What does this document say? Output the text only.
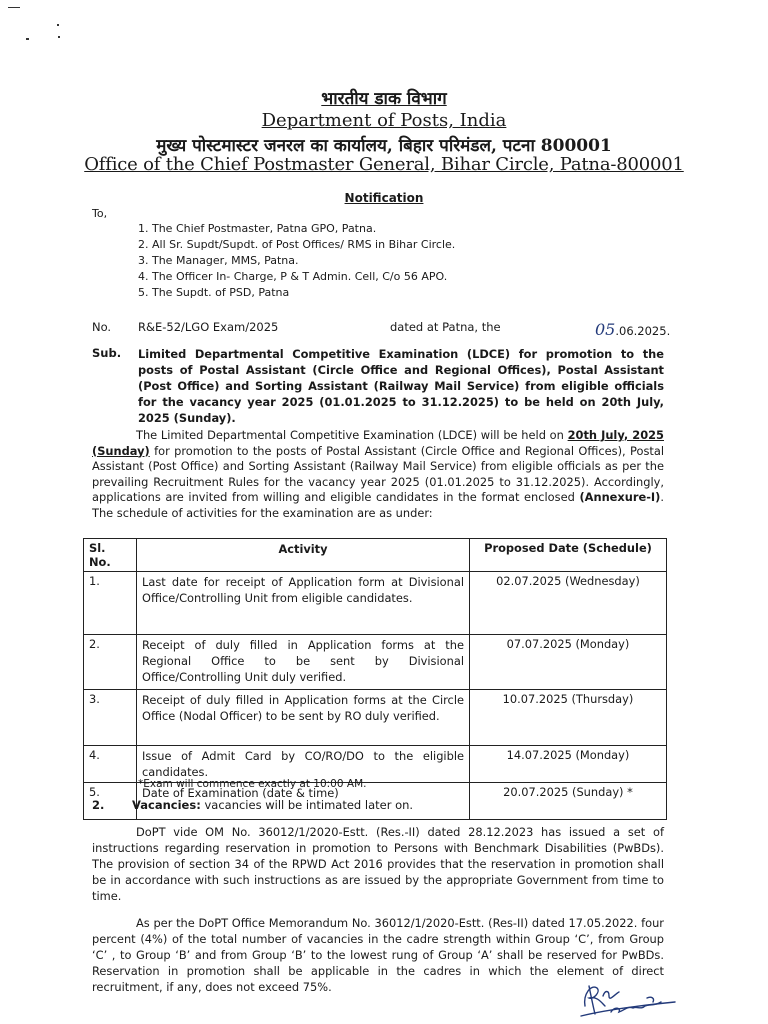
भारतीय डाक विभाग
Department of Posts, India
मुख्य पोस्टमास्टर जनरल का कार्यालय, बिहार परिमंडल, पटना 800001
Office of the Chief Postmaster General, Bihar Circle, Patna-800001
Notification
To,
1. The Chief Postmaster, Patna GPO, Patna.
2. All Sr. Supdt/Supdt. of Post Offices/ RMS in Bihar Circle.
3. The Manager, MMS, Patna.
4. The Officer In- Charge, P & T Admin. Cell, C/o 56 APO.
5. The Supdt. of PSD, Patna
No. R&E-52/LGO Exam/2025	dated at Patna, the	05.06.2025.
Sub. Limited Departmental Competitive Examination (LDCE) for promotion to the posts of Postal Assistant (Circle Office and Regional Offices), Postal Assistant (Post Office) and Sorting Assistant (Railway Mail Service) from eligible officials for the vacancy year 2025 (01.01.2025 to 31.12.2025) to be held on 20th July, 2025 (Sunday).
The Limited Departmental Competitive Examination (LDCE) will be held on 20th July, 2025 (Sunday) for promotion to the posts of Postal Assistant (Circle Office and Regional Offices), Postal Assistant (Post Office) and Sorting Assistant (Railway Mail Service) from eligible officials as per the prevailing Recruitment Rules for the vacancy year 2025 (01.01.2025 to 31.12.2025). Accordingly, applications are invited from willing and eligible candidates in the format enclosed (Annexure-I). The schedule of activities for the examination are as under:
Sl. No.	Activity	Proposed Date (Schedule)
1.	Last date for receipt of Application form at Divisional Office/Controlling Unit from eligible candidates.	02.07.2025 (Wednesday)
2.	Receipt of duly filled in Application forms at the Regional Office to be sent by Divisional Office/Controlling Unit duly verified.	07.07.2025 (Monday)
3.	Receipt of duly filled in Application forms at the Circle Office (Nodal Officer) to be sent by RO duly verified.	10.07.2025 (Thursday)
4.	Issue of Admit Card by CO/RO/DO to the eligible candidates.	14.07.2025 (Monday)
5.	Date of Examination (date & time)	20.07.2025 (Sunday) *
*Exam will commence exactly at 10:00 AM.
2. Vacancies: vacancies will be intimated later on.
DoPT vide OM No. 36012/1/2020-Estt. (Res.-II) dated 28.12.2023 has issued a set of instructions regarding reservation in promotion to Persons with Benchmark Disabilities (PwBDs). The provision of section 34 of the RPWD Act 2016 provides that the reservation in promotion shall be in accordance with such instructions as are issued by the appropriate Government from time to time.
As per the DoPT Office Memorandum No. 36012/1/2020-Estt. (Res-II) dated 17.05.2022. four percent (4%) of the total number of vacancies in the cadre strength within Group ‘C’, from Group ‘C’ , to Group ‘B’ and from Group ‘B’ to the lowest rung of Group ‘A’ shall be reserved for PwBDs. Reservation in promotion shall be applicable in the cadres in which the element of direct recruitment, if any, does not exceed 75%.
